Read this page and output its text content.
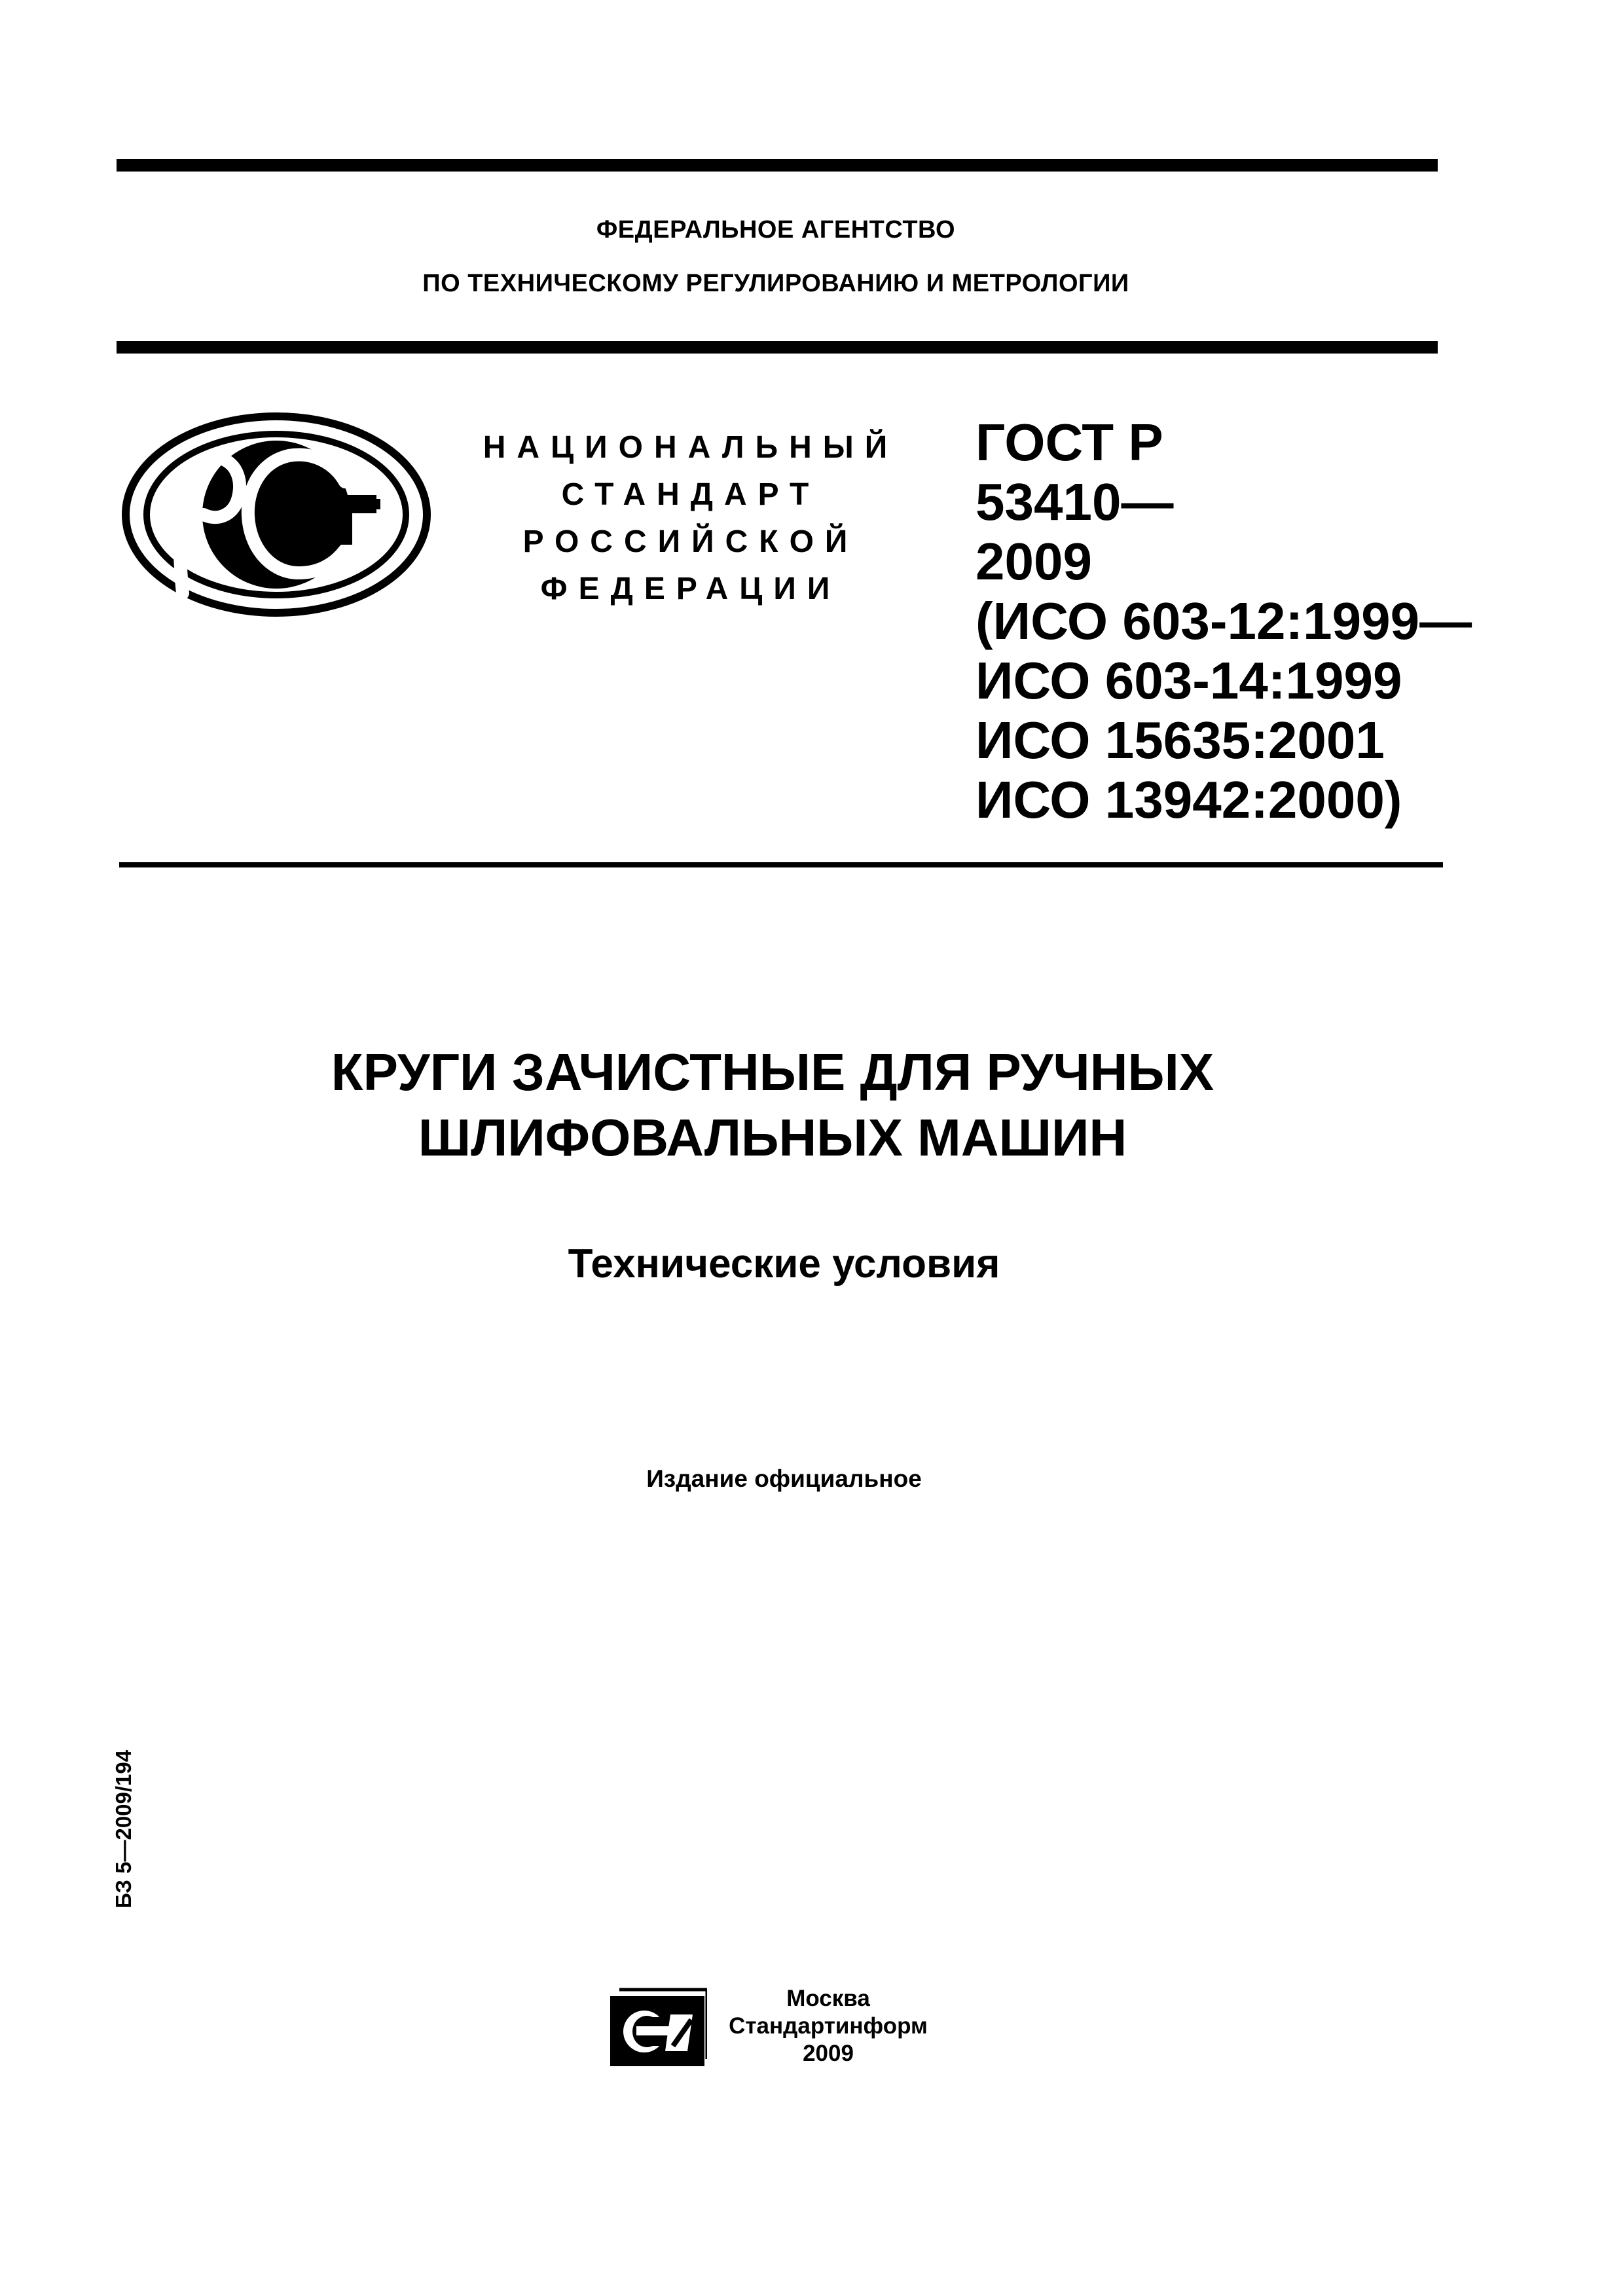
ФЕДЕРАЛЬНОЕ АГЕНТСТВО
ПО ТЕХНИЧЕСКОМУ РЕГУЛИРОВАНИЮ И МЕТРОЛОГИИ
НАЦИОНАЛЬНЫЙ
СТАНДАРТ
РОССИЙСКОЙ
ФЕДЕРАЦИИ
ГОСТ Р
53410—
2009
(ИСО 603-12:1999—
ИСО 603-14:1999
ИСО 15635:2001
ИСО 13942:2000)
КРУГИ ЗАЧИСТНЫЕ ДЛЯ РУЧНЫХ
ШЛИФОВАЛЬНЫХ МАШИН
Технические условия
Издание официальное
БЗ 5—2009/194
Москва
Стандартинформ
2009
